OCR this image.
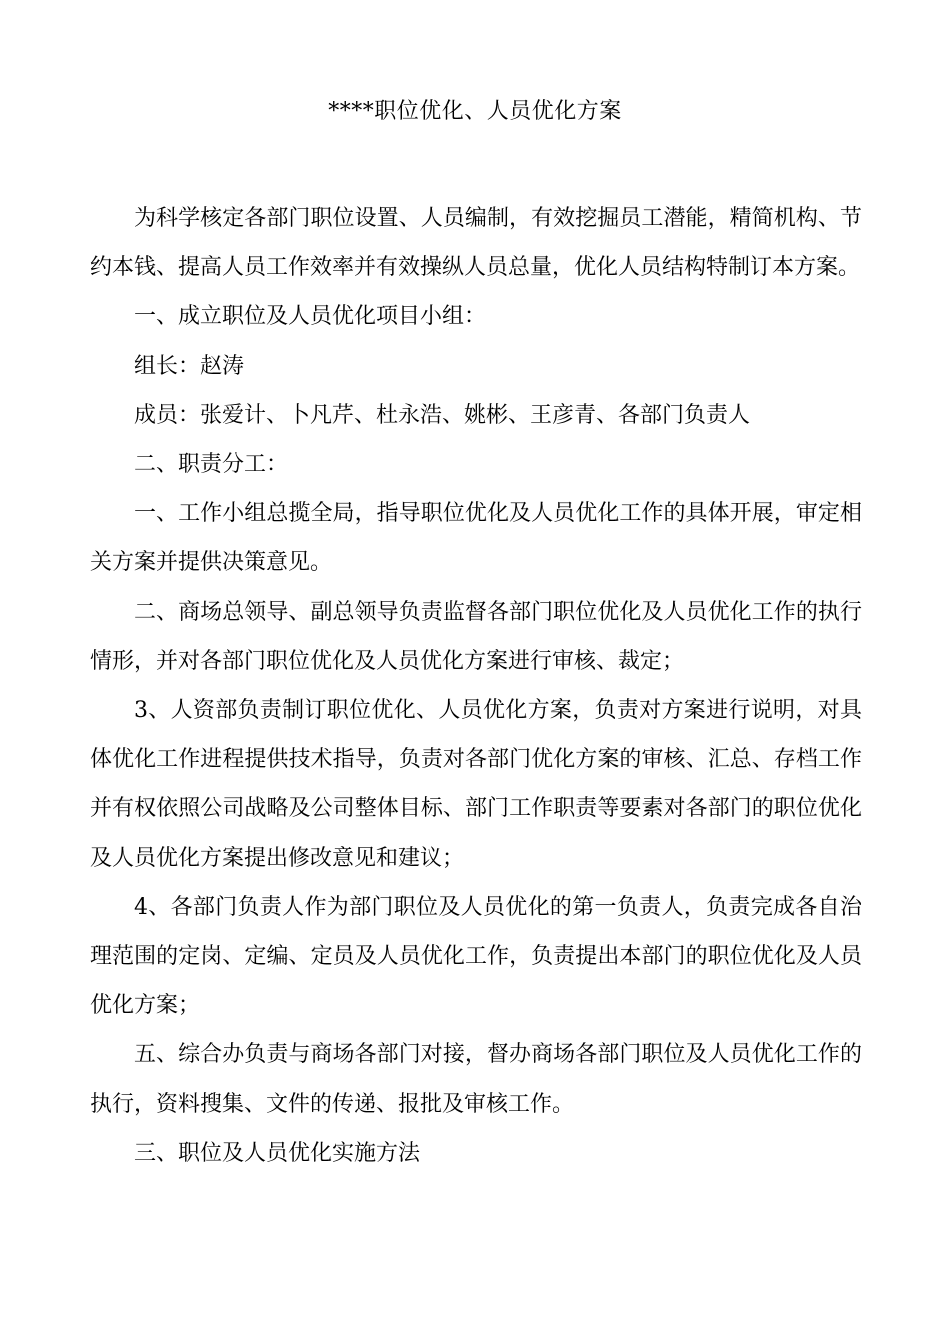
****职位优化、人员优化方案

为科学核定各部门职位设置、人员编制，有效挖掘员工潜能，精简机构、节约本钱、提高人员工作效率并有效操纵人员总量，优化人员结构特制订本方案。

一、成立职位及人员优化项目小组：

组长：赵涛

成员：张爱计、卜凡芹、杜永浩、姚彬、王彦青、各部门负责人

二、职责分工：

一、工作小组总揽全局，指导职位优化及人员优化工作的具体开展，审定相关方案并提供决策意见。

二、商场总领导、副总领导负责监督各部门职位优化及人员优化工作的执行情形，并对各部门职位优化及人员优化方案进行审核、裁定；

3、人资部负责制订职位优化、人员优化方案，负责对方案进行说明，对具体优化工作进程提供技术指导，负责对各部门优化方案的审核、汇总、存档工作并有权依照公司战略及公司整体目标、部门工作职责等要素对各部门的职位优化及人员优化方案提出修改意见和建议；

4、各部门负责人作为部门职位及人员优化的第一负责人，负责完成各自治理范围的定岗、定编、定员及人员优化工作，负责提出本部门的职位优化及人员优化方案；

五、综合办负责与商场各部门对接，督办商场各部门职位及人员优化工作的执行，资料搜集、文件的传递、报批及审核工作。

三、职位及人员优化实施方法
